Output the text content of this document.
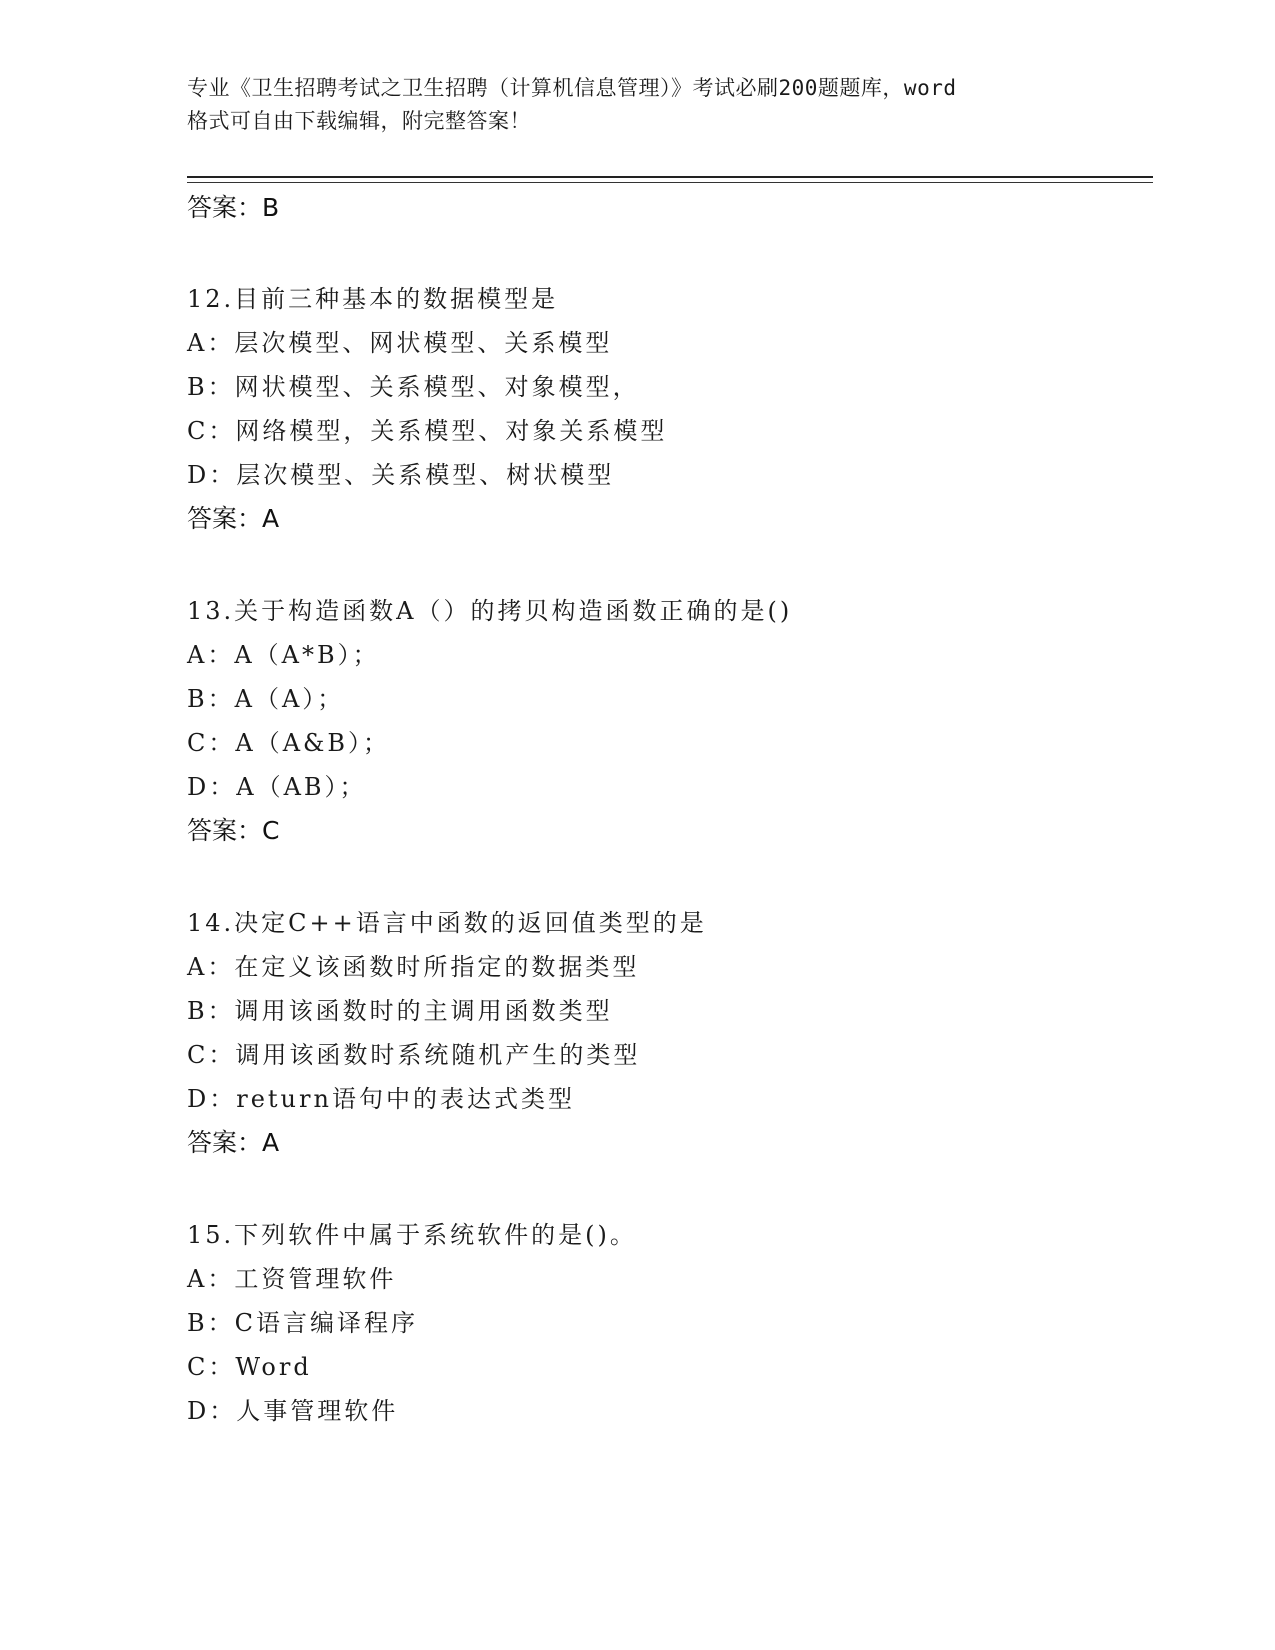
专业《卫生招聘考试之卫生招聘（计算机信息管理）》考试必刷200题题库，word
格式可自由下载编辑，附完整答案！
答案：B
12.目前三种基本的数据模型是
A：层次模型、网状模型、关系模型
B：网状模型、关系模型、对象模型，
C：网络模型，关系模型、对象关系模型
D：层次模型、关系模型、树状模型
答案：A
13.关于构造函数A（）的拷贝构造函数正确的是()
A：A（A*B）；
B：A（A）；
C：A（A&B）；
D：A（AB）；
答案：C
14.决定C++语言中函数的返回值类型的是
A：在定义该函数时所指定的数据类型
B：调用该函数时的主调用函数类型
C：调用该函数时系统随机产生的类型
D：return语句中的表达式类型
答案：A
15.下列软件中属于系统软件的是()。
A：工资管理软件
B：C语言编译程序
C：Word
D：人事管理软件
